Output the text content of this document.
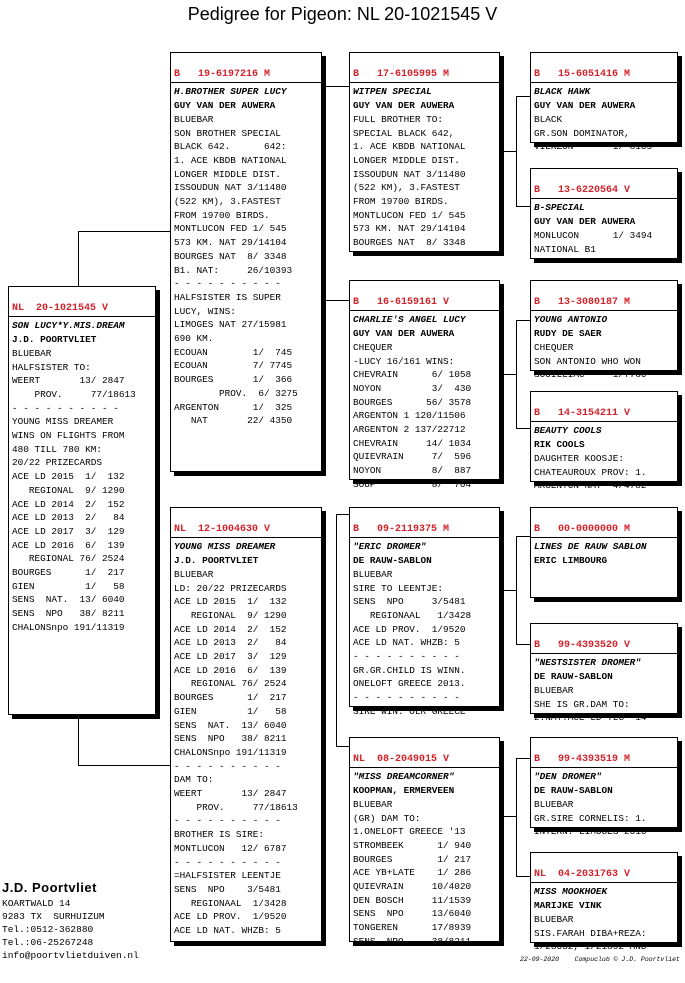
Pedigree for Pigeon: NL 20-1021545 V

NL  20-1021545 V
SON LUCY*Y.MIS.DREAM
J.D. POORTVLIET
BLUEBAR
HALFSISTER TO:
WEERT       13/ 2847
PROV.     77/18613
- - - - - - - - - -
YOUNG MISS DREAMER
WINS ON FLIGHTS FROM
480 TILL 780 KM:
20/22 PRIZECARDS
ACE LD 2015  1/  132
REGIONAL  9/ 1290
ACE LD 2014  2/  152
ACE LD 2013  2/   84
ACE LD 2017  3/  129
ACE LD 2016  6/  139
REGIONAL 76/ 2524
BOURGES      1/  217
GIEN         1/   58
SENS  NAT.  13/ 6040
SENS  NPO   38/ 8211
CHALONSnpo 191/11319

B   19-6197216 M
H.BROTHER SUPER LUCY
GUY VAN DER AUWERA
BLUEBAR
SON BROTHER SPECIAL
BLACK 642.      642:
1. ACE KBDB NATIONAL
LONGER MIDDLE DIST.
ISSOUDUN NAT 3/11480
(522 KM), 3.FASTEST
FROM 19700 BIRDS.
MONTLUCON FED 1/ 545
573 KM. NAT 29/14104
BOURGES NAT  8/ 3348
B1. NAT:     26/10393
- - - - - - - - - -
HALFSISTER IS SUPER
LUCY, WINS:
LIMOGES NAT 27/15981
690 KM.
ECOUAN        1/  745
ECOUAN        7/ 7745
BOURGES       1/  366
PROV.  6/ 3275
ARGENTON      1/  325
NAT       22/ 4350

NL  12-1004630 V
YOUNG MISS DREAMER
J.D. POORTVLIET
BLUEBAR
LD: 20/22 PRIZECARDS
ACE LD 2015  1/  132
REGIONAL  9/ 1290
ACE LD 2014  2/  152
ACE LD 2013  2/   84
ACE LD 2017  3/  129
ACE LD 2016  6/  139
REGIONAL 76/ 2524
BOURGES      1/  217
GIEN         1/   58
SENS  NAT.  13/ 6040
SENS  NPO   38/ 8211
CHALONSnpo 191/11319
- - - - - - - - - -
DAM TO:
WEERT       13/ 2847
PROV.     77/18613
- - - - - - - - - -
BROTHER IS SIRE:
MONTLUCON   12/ 6787
- - - - - - - - - -
=HALFSISTER LEENTJE
SENS  NPO    3/5481
REGIONAAL  1/3428
ACE LD PROV.  1/9520
ACE LD NAT. WHZB: 5

B   17-6105995 M
WITPEN SPECIAL
GUY VAN DER AUWERA
FULL BROTHER TO:
SPECIAL BLACK 642,
1. ACE KBDB NATIONAL
LONGER MIDDLE DIST.
ISSOUDUN NAT 3/11480
(522 KM), 3.FASTEST
FROM 19700 BIRDS.
MONTLUCON FED 1/ 545
573 KM. NAT 29/14104
BOURGES NAT  8/ 3348

B   16-6159161 V
CHARLIE'S ANGEL LUCY
GUY VAN DER AUWERA
CHEQUER
-LUCY 16/161 WINS:
CHEVRAIN      6/ 1058
NOYON         3/  430
BOURGES      56/ 3578
ARGENTON 1 120/11506
ARGENTON 2 137/22712
CHEVRAIN     14/ 1034
QUIEVRAIN     7/  596
NOYON         8/  887
SOUP          8/  704

B   09-2119375 M
"ERIC DROMER"
DE RAUW-SABLON
BLUEBAR
SIRE TO LEENTJE:
SENS  NPO     3/5481
REGIONAAL   1/3428
ACE LD PROV.  1/9520
ACE LD NAT. WHZB: 5
- - - - - - - - - -
GR.GR.CHILD IS WINN.
ONELOFT GREECE 2013.
- - - - - - - - - -
SIRE WIN. OLR GREECE

NL  08-2049015 V
"MISS DREAMCORNER"
KOOPMAN, ERMERVEEN
BLUEBAR
(GR) DAM TO:
1.ONELOFT GREECE '13
STROMBEEK      1/ 940
BOURGES        1/ 217
ACE YB+LATE    1/ 286
QUIEVRAIN     10/4020
DEN BOSCH     11/1539
SENS  NPO     13/6040
TONGEREN      17/8939
SENS  NPO     38/8211

B   15-6051416 M
BLACK HAWK
GUY VAN DER AUWERA
BLACK
GR.SON DOMINATOR,
VIERZON       1/ 8105

B   13-6220564 V
B-SPECIAL
GUY VAN DER AUWERA
MONLUCON      1/ 3494
NATIONAL B1

B   13-3080187 M
YOUNG ANTONIO
RUDY DE SAER
CHEQUER
SON ANTONIO WHO WON
SOUILLIAC     1/7760

B   14-3154211 V
BEAUTY COOLS
RIK COOLS
DAUGHTER KOOSJE:
CHATEAUROUX PROV: 1.
ARGENTON NAT  4/4782

B   00-0000000 M
LINES DE RAUW SABLON
ERIC LIMBOURG

B   99-4393520 V
"NESTSISTER DROMER"
DE RAUW-SABLON
BLUEBAR
SHE IS GR.DAM TO:
2.NAT.ACE LD YLG '14

B   99-4393519 M
"DEN DROMER"
DE RAUW-SABLON
BLUEBAR
GR.SIRE CORNELIS: 1.
INTERN. LIMOGES 2010

NL  04-2031763 V
MISS MOOKHOEK
MARIJKE VINK
BLUEBAR
SIS.FARAH DIBA+REZA:
1/28332, 1/21892 AND

J.D. Poortvliet
KOARTWALD 14
9283 TX  SURHUIZUM
Tel.:0512-362880
Tel.:06-25267248
info@poortvlietduiven.nl	22-09-2020    Compuclub © J.D. Poortvliet
